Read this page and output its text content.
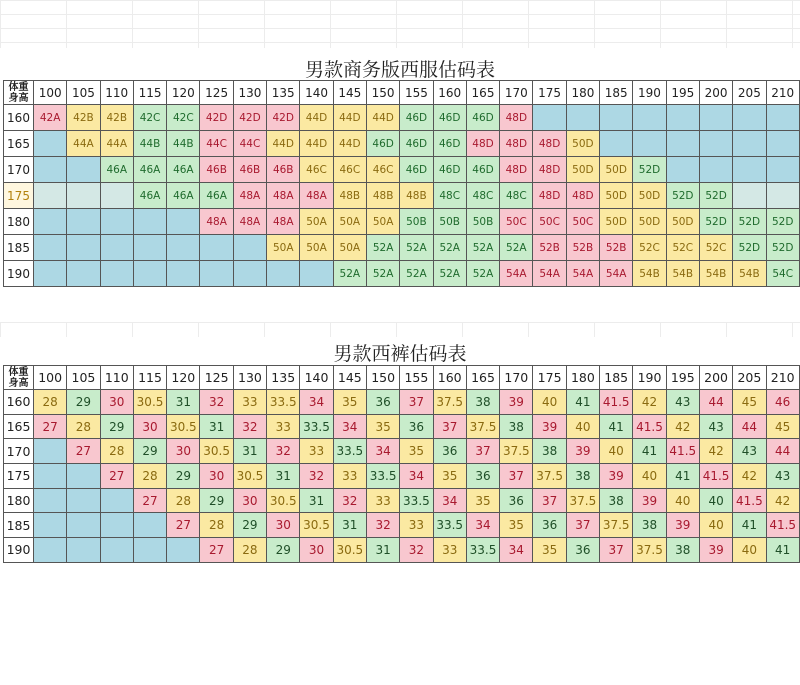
男款商务版西服估码表
体重
身高	100	105	110	115	120	125	130	135	140	145	150	155	160	165	170	175	180	185	190	195	200	205	210
160	42A	42B	42B	42C	42C	42D	42D	42D	44D	44D	44D	46D	46D	46D	48D								
165		44A	44A	44B	44B	44C	44C	44D	44D	44D	46D	46D	46D	48D	48D	48D	50D						
170			46A	46A	46A	46B	46B	46B	46C	46C	46C	46D	46D	46D	48D	48D	50D	50D	52D				
175				46A	46A	46A	48A	48A	48A	48B	48B	48B	48C	48C	48C	48D	48D	50D	50D	52D	52D		
180						48A	48A	48A	50A	50A	50A	50B	50B	50B	50C	50C	50C	50D	50D	50D	52D	52D	52D
185								50A	50A	50A	52A	52A	52A	52A	52A	52B	52B	52B	52C	52C	52C	52D	52D
190										52A	52A	52A	52A	52A	54A	54A	54A	54A	54B	54B	54B	54B	54C
男款西裤估码表
体重
身高	100	105	110	115	120	125	130	135	140	145	150	155	160	165	170	175	180	185	190	195	200	205	210
160	28	29	30	30.5	31	32	33	33.5	34	35	36	37	37.5	38	39	40	41	41.5	42	43	44	45	46
165	27	28	29	30	30.5	31	32	33	33.5	34	35	36	37	37.5	38	39	40	41	41.5	42	43	44	45
170		27	28	29	30	30.5	31	32	33	33.5	34	35	36	37	37.5	38	39	40	41	41.5	42	43	44
175			27	28	29	30	30.5	31	32	33	33.5	34	35	36	37	37.5	38	39	40	41	41.5	42	43
180				27	28	29	30	30.5	31	32	33	33.5	34	35	36	37	37.5	38	39	40	40	41.5	42
185					27	28	29	30	30.5	31	32	33	33.5	34	35	36	37	37.5	38	39	40	41	41.5
190						27	28	29	30	30.5	31	32	33	33.5	34	35	36	37	37.5	38	39	40	41
